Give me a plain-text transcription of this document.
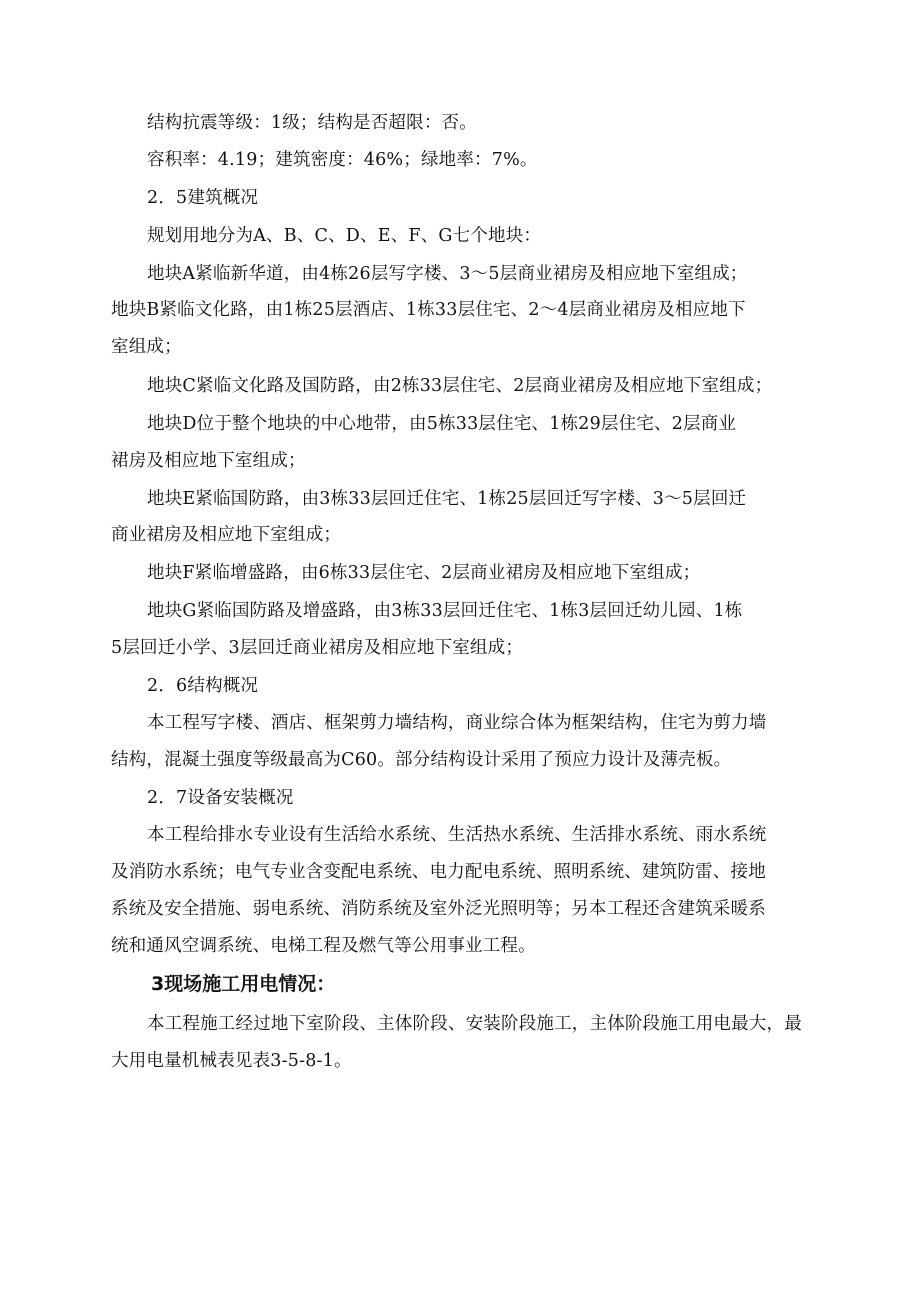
结构抗震等级：1级；结构是否超限：否。
容积率：4.19；建筑密度：46%；绿地率：7%。
2．5建筑概况
规划用地分为A、B、C、D、E、F、G七个地块：
地块A紧临新华道，由4栋26层写字楼、3～5层商业裙房及相应地下室组成；
地块B紧临文化路，由1栋25层酒店、1栋33层住宅、2～4层商业裙房及相应地下
室组成；
地块C紧临文化路及国防路，由2栋33层住宅、2层商业裙房及相应地下室组成；
地块D位于整个地块的中心地带，由5栋33层住宅、1栋29层住宅、2层商业
裙房及相应地下室组成；
地块E紧临国防路，由3栋33层回迁住宅、1栋25层回迁写字楼、3～5层回迁
商业裙房及相应地下室组成；
地块F紧临增盛路，由6栋33层住宅、2层商业裙房及相应地下室组成；
地块G紧临国防路及增盛路，由3栋33层回迁住宅、1栋3层回迁幼儿园、1栋
5层回迁小学、3层回迁商业裙房及相应地下室组成；
2．6结构概况
本工程写字楼、酒店、框架剪力墙结构，商业综合体为框架结构，住宅为剪力墙
结构，混凝土强度等级最高为C60。部分结构设计采用了预应力设计及薄壳板。
2．7设备安装概况
本工程给排水专业设有生活给水系统、生活热水系统、生活排水系统、雨水系统
及消防水系统；电气专业含变配电系统、电力配电系统、照明系统、建筑防雷、接地
系统及安全措施、弱电系统、消防系统及室外泛光照明等；另本工程还含建筑采暖系
统和通风空调系统、电梯工程及燃气等公用事业工程。
3现场施工用电情况：
本工程施工经过地下室阶段、主体阶段、安装阶段施工，主体阶段施工用电最大，最
大用电量机械表见表3-5-8-1。
